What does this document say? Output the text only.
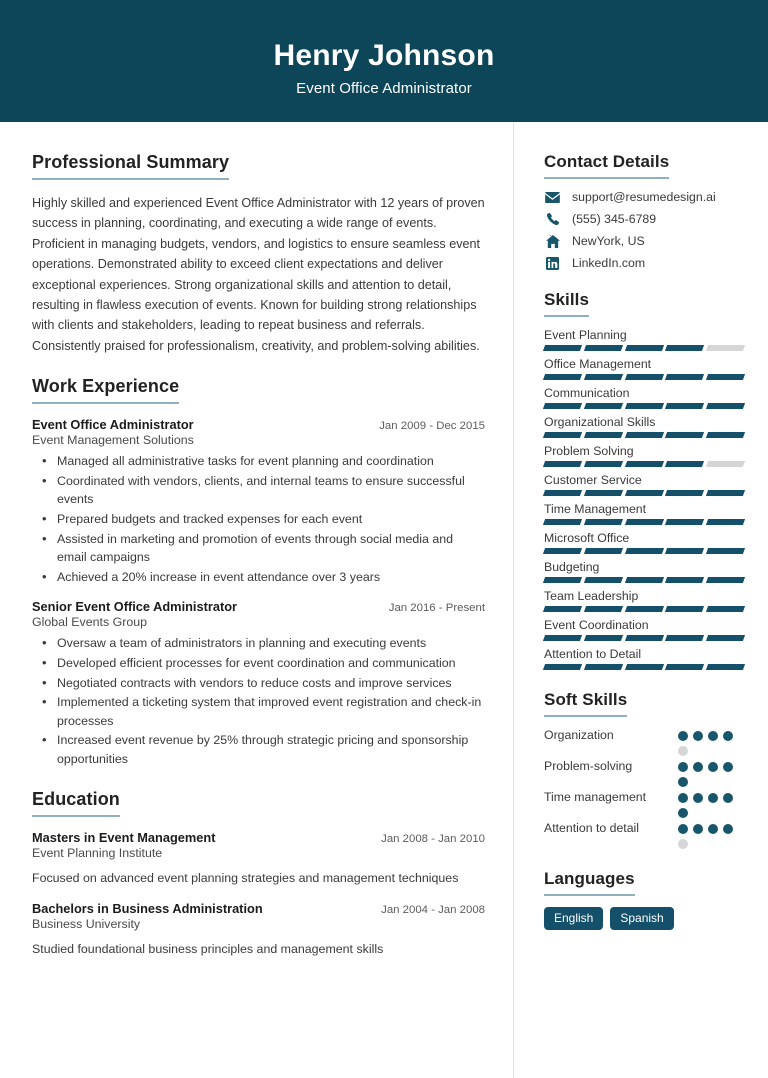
Henry Johnson
Event Office Administrator
Professional Summary
Highly skilled and experienced Event Office Administrator with 12 years of proven success in planning, coordinating, and executing a wide range of events. Proficient in managing budgets, vendors, and logistics to ensure seamless event operations. Demonstrated ability to exceed client expectations and deliver exceptional experiences. Strong organizational skills and attention to detail, resulting in flawless execution of events. Known for building strong relationships with clients and stakeholders, leading to repeat business and referrals. Consistently praised for professionalism, creativity, and problem-solving abilities.
Work Experience
Event Office Administrator	Jan 2009 - Dec 2015
Event Management Solutions
• Managed all administrative tasks for event planning and coordination
• Coordinated with vendors, clients, and internal teams to ensure successful events
• Prepared budgets and tracked expenses for each event
• Assisted in marketing and promotion of events through social media and email campaigns
• Achieved a 20% increase in event attendance over 3 years
Senior Event Office Administrator	Jan 2016 - Present
Global Events Group
• Oversaw a team of administrators in planning and executing events
• Developed efficient processes for event coordination and communication
• Negotiated contracts with vendors to reduce costs and improve services
• Implemented a ticketing system that improved event registration and check-in processes
• Increased event revenue by 25% through strategic pricing and sponsorship opportunities
Education
Masters in Event Management	Jan 2008 - Jan 2010
Event Planning Institute
Focused on advanced event planning strategies and management techniques
Bachelors in Business Administration	Jan 2004 - Jan 2008
Business University
Studied foundational business principles and management skills
Contact Details
support@resumedesign.ai
(555) 345-6789
NewYork, US
LinkedIn.com
Skills
Event Planning
Office Management
Communication
Organizational Skills
Problem Solving
Customer Service
Time Management
Microsoft Office
Budgeting
Team Leadership
Event Coordination
Attention to Detail
Soft Skills
Organization
Problem-solving
Time management
Attention to detail
Languages
English	Spanish
